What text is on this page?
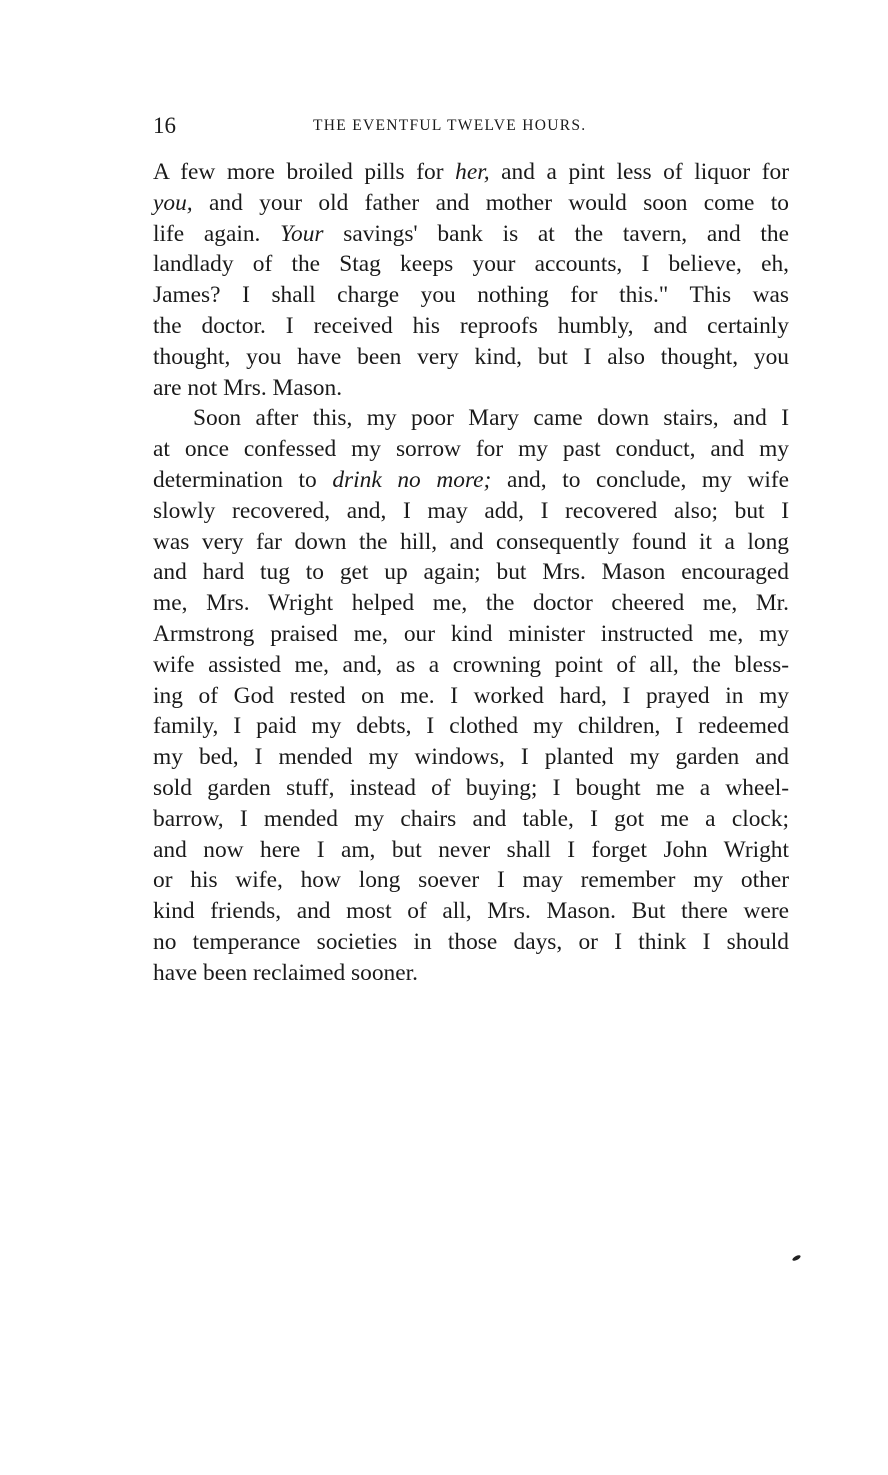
16	THE EVENTFUL TWELVE HOURS.

A few more broiled pills for her, and a pint less of liquor for
you, and your old father and mother would soon come to
life again. Your savings' bank is at the tavern, and the
landlady of the Stag keeps your accounts, I believe, eh,
James? I shall charge you nothing for this." This was
the doctor. I received his reproofs humbly, and certainly
thought, you have been very kind, but I also thought, you
are not Mrs. Mason.

Soon after this, my poor Mary came down stairs, and I
at once confessed my sorrow for my past conduct, and my
determination to drink no more; and, to conclude, my wife
slowly recovered, and, I may add, I recovered also; but I
was very far down the hill, and consequently found it a long
and hard tug to get up again; but Mrs. Mason encouraged
me, Mrs. Wright helped me, the doctor cheered me, Mr.
Armstrong praised me, our kind minister instructed me, my
wife assisted me, and, as a crowning point of all, the bless-
ing of God rested on me. I worked hard, I prayed in my
family, I paid my debts, I clothed my children, I redeemed
my bed, I mended my windows, I planted my garden and
sold garden stuff, instead of buying; I bought me a wheel-
barrow, I mended my chairs and table, I got me a clock;
and now here I am, but never shall I forget John Wright
or his wife, how long soever I may remember my other
kind friends, and most of all, Mrs. Mason. But there were
no temperance societies in those days, or I think I should
have been reclaimed sooner.
